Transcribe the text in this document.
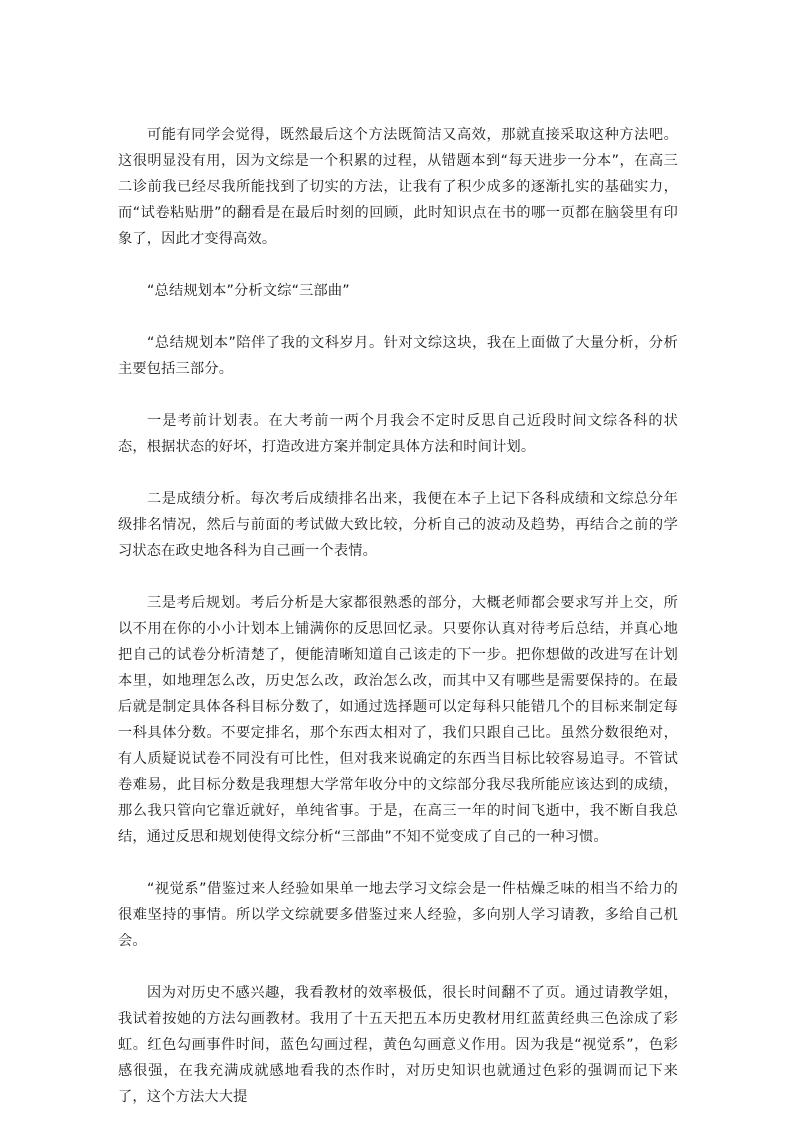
可能有同学会觉得，既然最后这个方法既简洁又高效，那就直接采取这种方法吧。这很明显没有用，因为文综是一个积累的过程，从错题本到“每天进步一分本”，在高三二诊前我已经尽我所能找到了切实的方法，让我有了积少成多的逐渐扎实的基础实力，而“试卷粘贴册”的翻看是在最后时刻的回顾，此时知识点在书的哪一页都在脑袋里有印象了，因此才变得高效。

“总结规划本”分析文综“三部曲”

“总结规划本”陪伴了我的文科岁月。针对文综这块，我在上面做了大量分析，分析主要包括三部分。

一是考前计划表。在大考前一两个月我会不定时反思自己近段时间文综各科的状态，根据状态的好坏，打造改进方案并制定具体方法和时间计划。

二是成绩分析。每次考后成绩排名出来，我便在本子上记下各科成绩和文综总分年级排名情况，然后与前面的考试做大致比较，分析自己的波动及趋势，再结合之前的学习状态在政史地各科为自己画一个表情。

三是考后规划。考后分析是大家都很熟悉的部分，大概老师都会要求写并上交，所以不用在你的小小计划本上铺满你的反思回忆录。只要你认真对待考后总结，并真心地把自己的试卷分析清楚了，便能清晰知道自己该走的下一步。把你想做的改进写在计划本里，如地理怎么改，历史怎么改，政治怎么改，而其中又有哪些是需要保持的。在最后就是制定具体各科目标分数了，如通过选择题可以定每科只能错几个的目标来制定每一科具体分数。不要定排名，那个东西太相对了，我们只跟自己比。虽然分数很绝对，有人质疑说试卷不同没有可比性，但对我来说确定的东西当目标比较容易追寻。不管试卷难易，此目标分数是我理想大学常年收分中的文综部分我尽我所能应该达到的成绩，那么我只管向它靠近就好，单纯省事。于是，在高三一年的时间飞逝中，我不断自我总结，通过反思和规划使得文综分析“三部曲”不知不觉变成了自己的一种习惯。

“视觉系”借鉴过来人经验如果单一地去学习文综会是一件枯燥乏味的相当不给力的很难坚持的事情。所以学文综就要多借鉴过来人经验，多向别人学习请教，多给自己机会。

因为对历史不感兴趣，我看教材的效率极低，很长时间翻不了页。通过请教学姐，我试着按她的方法勾画教材。我用了十五天把五本历史教材用红蓝黄经典三色涂成了彩虹。红色勾画事件时间，蓝色勾画过程，黄色勾画意义作用。因为我是“视觉系”，色彩感很强，在我充满成就感地看我的杰作时，对历史知识也就通过色彩的强调而记下来了，这个方法大大提
